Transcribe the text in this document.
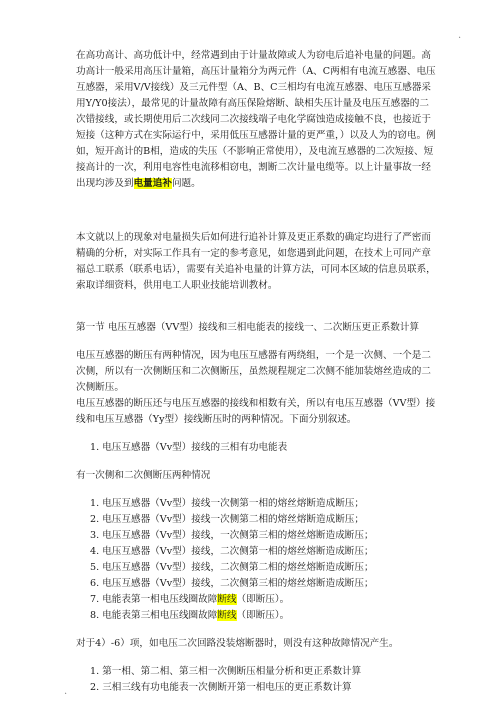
.

在高功高计、高功低计中，经常遇到由于计量故障或人为窃电后追补电量的问题。高功高计一般采用高压计量箱，高压计量箱分为两元件（A、C两相有电流互感器、电压互感器，采用V/V接线）及三元件型（A、B、C三相均有电流互感器、电压互感器采用Y/Y0接法），最常见的计量故障有高压保险熔断、缺相失压计量及电压互感器的二次错接线，或长期使用后二次线同二次接线端子电化学腐蚀造成接触不良，也接近于短接（这种方式在实际运行中，采用低压互感器计量的更严重，）以及人为的窃电。例如，短开高计的B相，造成的失压（不影响正常使用），及电流互感器的二次短接、短接高计的一次，利用电容性电流移相窃电，割断二次计量电缆等。以上计量事故一经出现均涉及到电量追补问题。

本文就以上的现象对电量损失后如何进行追补计算及更正系数的确定均进行了严密而精确的分析，对实际工作具有一定的参考意见，如您遇到此问题，在技术上可同产章福总工联系（联系电话），需要有关追补电量的计算方法，可同本区域的信息员联系，索取详细资料，供用电工人职业技能培训教材。

第一节 电压互感器（VV型）接线和三相电能表的接线一、二次断压更正系数计算

电压互感器的断压有两种情况，因为电压互感器有两绕组，一个是一次侧、一个是二次侧，所以有一次侧断压和二次侧断压，虽然规程规定二次侧不能加装熔丝造成的二次侧断压。

电压互感器的断压还与电压互感器的接线和相数有关，所以有电压互感器（VV型）接线和电压互感器（Yy型）接线断压时的两种情况。下面分别叙述。

1. 电压互感器（Vv型）接线的三相有功电能表

有一次侧和二次侧断压两种情况

1. 电压互感器（Vv型）接线一次侧第一相的熔丝熔断造成断压；
2. 电压互感器（Vv型）接线一次侧第二相的熔丝熔断造成断压；
3. 电压互感器（Vv型）接线，一次侧第三相的熔丝熔断造成断压；
4. 电压互感器（Vv型）接线，二次侧第一相的熔丝熔断造成断压；
5. 电压互感器（Vv型）接线，二次侧第二相的熔丝熔断造成断压；
6. 电压互感器（Vv型）接线，二次侧第三相的熔丝熔断造成断压；
7. 电能表第一相电压线圈故障断线（即断压）。
8. 电能表第三相电压线圈故障断线（即断压）。

对于4）-6）项，如电压二次回路没装熔断器时，则没有这种故障情况产生。

1. 第一相、第二相、第三相一次侧断压相量分析和更正系数计算
2. 三相三线有功电能表一次侧断开第一相电压的更正系数计算
.
